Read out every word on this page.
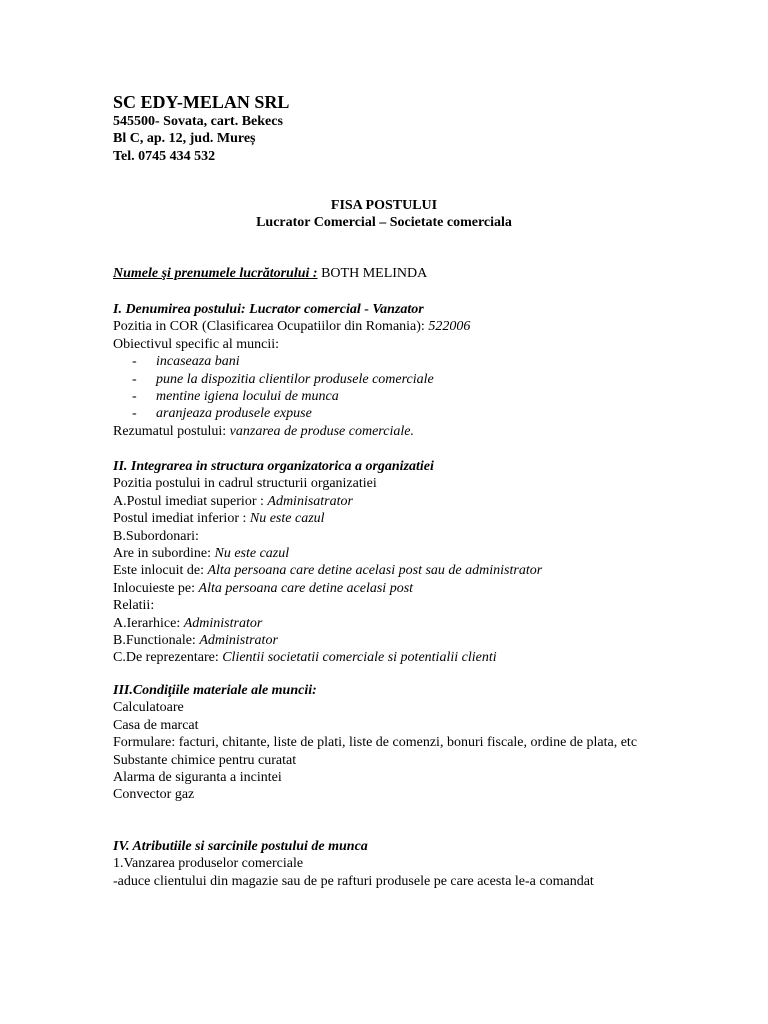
SC EDY-MELAN SRL
545500- Sovata, cart. Bekecs
Bl C, ap. 12, jud. Mureș
Tel. 0745 434 532
FISA POSTULUI
Lucrator Comercial – Societate comerciala
Numele şi prenumele lucrătorului : BOTH MELINDA
I. Denumirea postului: Lucrator comercial - Vanzator
Pozitia in COR (Clasificarea Ocupatiilor din Romania): 522006
Obiectivul specific al muncii:
- incaseaza bani
- pune la dispozitia clientilor produsele comerciale
- mentine igiena locului de munca
- aranjeaza produsele expuse
Rezumatul postului: vanzarea de produse comerciale.
II. Integrarea in structura organizatorica a organizatiei
Pozitia postului in cadrul structurii organizatiei
A.Postul imediat superior : Adminisatrator
Postul imediat inferior : Nu este cazul
B.Subordonari:
Are in subordine: Nu este cazul
Este inlocuit de: Alta persoana care detine acelasi post sau de administrator
Inlocuieste pe: Alta persoana care detine acelasi post
Relatii:
A.Ierarhice: Administrator
B.Functionale: Administrator
C.De reprezentare: Clientii societatii comerciale si potentialii clienti
III.Condiţiile materiale ale muncii:
Calculatoare
Casa de marcat
Formulare: facturi, chitante, liste de plati, liste de comenzi, bonuri fiscale, ordine de plata, etc
Substante chimice pentru curatat
Alarma de siguranta a incintei
Convector gaz
IV. Atributiile si sarcinile postului de munca
1.Vanzarea produselor comerciale
-aduce clientului din magazie sau de pe rafturi produsele pe care acesta le-a comandat
